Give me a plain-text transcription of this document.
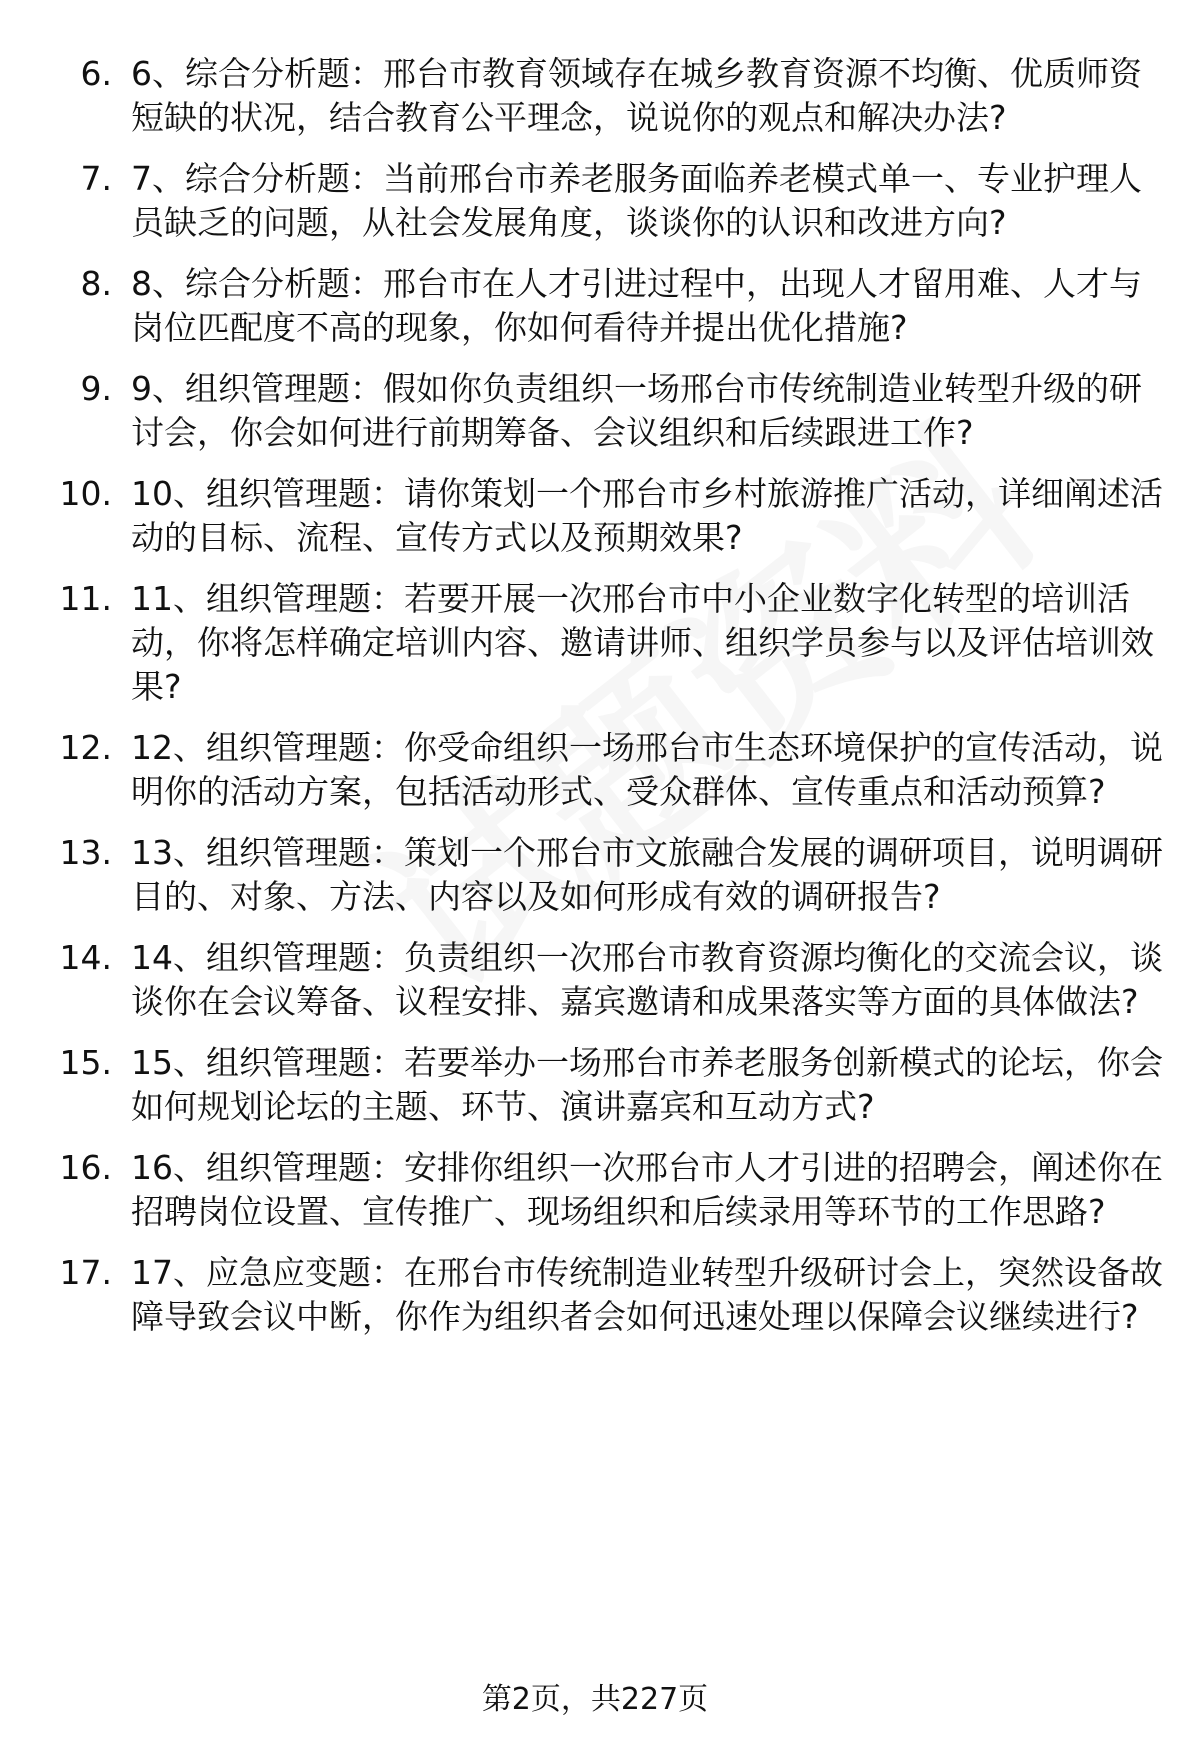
6. 6、综合分析题：邢台市教育领域存在城乡教育资源不均衡、优质师资短缺的状况，结合教育公平理念，说说你的观点和解决办法?
7. 7、综合分析题：当前邢台市养老服务面临养老模式单一、专业护理人员缺乏的问题，从社会发展角度，谈谈你的认识和改进方向?
8. 8、综合分析题：邢台市在人才引进过程中，出现人才留用难、人才与岗位匹配度不高的现象，你如何看待并提出优化措施?
9. 9、组织管理题：假如你负责组织一场邢台市传统制造业转型升级的研讨会，你会如何进行前期筹备、会议组织和后续跟进工作?
10. 10、组织管理题：请你策划一个邢台市乡村旅游推广活动，详细阐述活动的目标、流程、宣传方式以及预期效果?
11. 11、组织管理题：若要开展一次邢台市中小企业数字化转型的培训活动，你将怎样确定培训内容、邀请讲师、组织学员参与以及评估培训效果?
12. 12、组织管理题：你受命组织一场邢台市生态环境保护的宣传活动，说明你的活动方案，包括活动形式、受众群体、宣传重点和活动预算?
13. 13、组织管理题：策划一个邢台市文旅融合发展的调研项目，说明调研目的、对象、方法、内容以及如何形成有效的调研报告?
14. 14、组织管理题：负责组织一次邢台市教育资源均衡化的交流会议，谈谈你在会议筹备、议程安排、嘉宾邀请和成果落实等方面的具体做法?
15. 15、组织管理题：若要举办一场邢台市养老服务创新模式的论坛，你会如何规划论坛的主题、环节、演讲嘉宾和互动方式?
16. 16、组织管理题：安排你组织一次邢台市人才引进的招聘会，阐述你在招聘岗位设置、宣传推广、现场组织和后续录用等环节的工作思路?
17. 17、应急应变题：在邢台市传统制造业转型升级研讨会上，突然设备故障导致会议中断，你作为组织者会如何迅速处理以保障会议继续进行?
第2页，共227页
